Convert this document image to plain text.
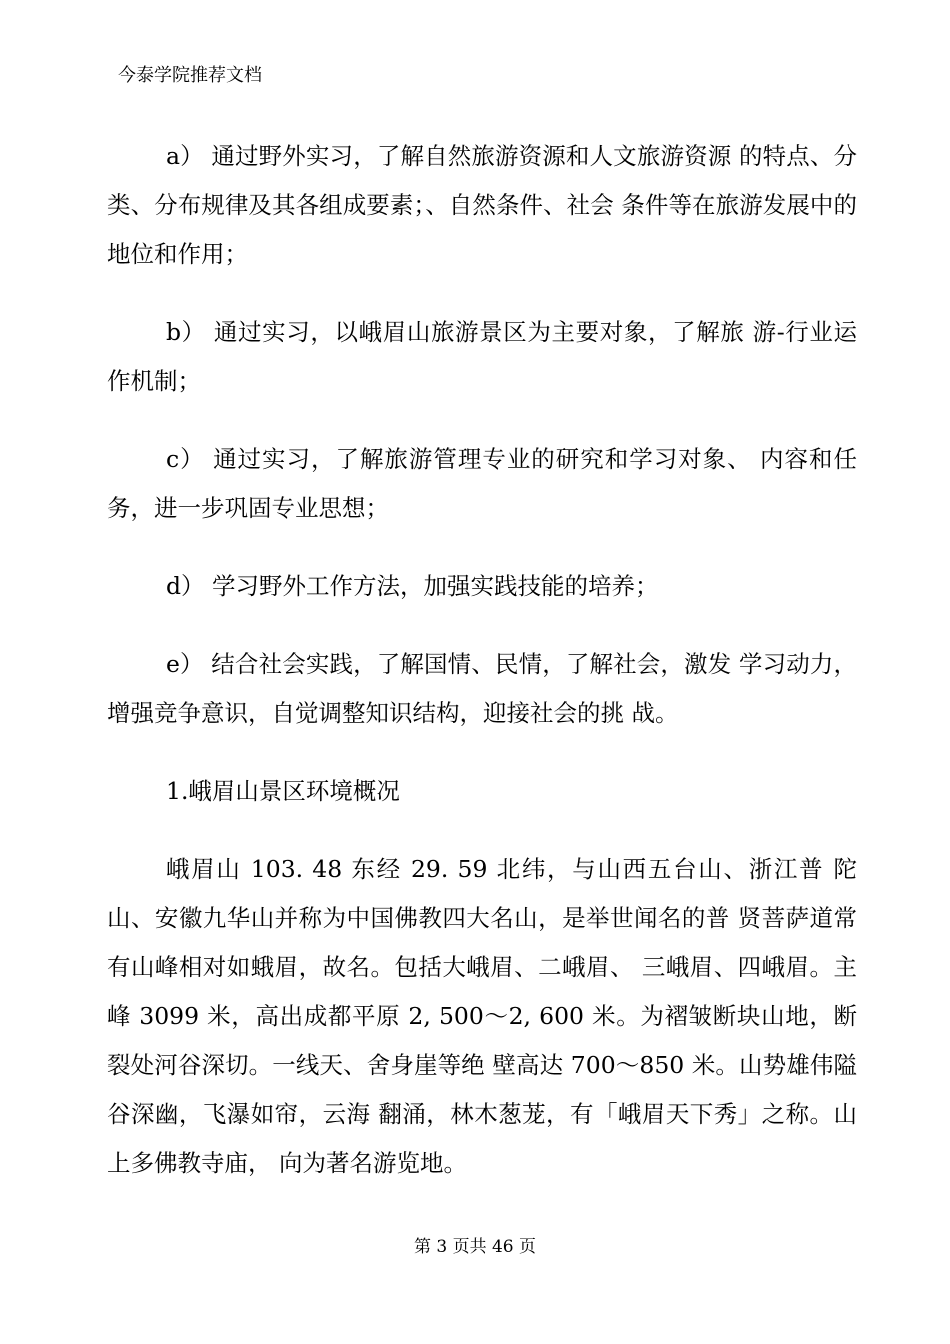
今泰学院推荐文档

a） 通过野外实习，了解自然旅游资源和人文旅游资源 的特点、分类、分布规律及其各组成要素；、自然条件、社会 条件等在旅游发展中的地位和作用；

b） 通过实习，以峨眉山旅游景区为主要对象，了解旅 游-行业运作机制；

c） 通过实习，了解旅游管理专业的研究和学习对象、 内容和任务，进一步巩固专业思想；

d） 学习野外工作方法，加强实践技能的培养；

e） 结合社会实践，了解国情、民情，了解社会，激发 学习动力，增强竞争意识，自觉调整知识结构，迎接社会的挑 战。

1.峨眉山景区环境概况

峨眉山 103. 48 东经 29. 59 北纬，与山西五台山、浙江普 陀山、安徽九华山并称为中国佛教四大名山，是举世闻名的普 贤菩萨道常有山峰相对如蛾眉，故名。包括大峨眉、二峨眉、 三峨眉、四峨眉。主峰 3099 米，高出成都平原 2, 500～2, 600 米。为褶皱断块山地，断裂处河谷深切。一线天、舍身崖等绝 壁高达 700～850 米。山势雄伟隘谷深幽，飞瀑如帘，云海 翻涌，林木葱茏，有「峨眉天下秀」之称。山上多佛教寺庙， 向为著名游览地。

第 3 页共 46 页
